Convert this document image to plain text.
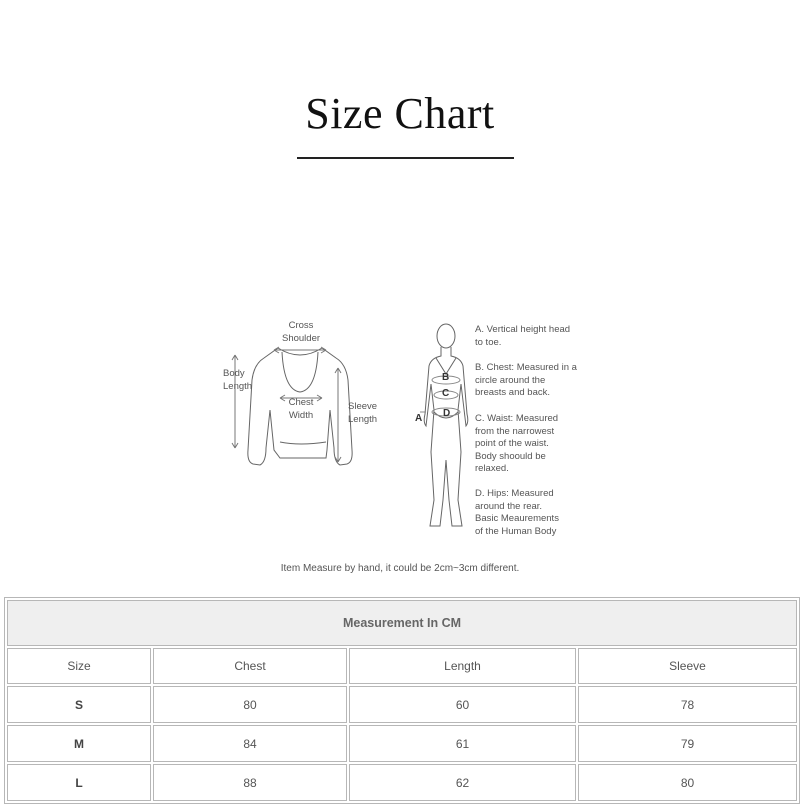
Size Chart
Cross
Shoulder
Body
Length
Chest
Width
Sleeve
Length
B
C
D
A
A. Vertical height head
to toe.
B. Chest: Measured in a
circle around the
breasts and back.
C. Waist: Measured
from the narrowest
point of the waist.
Body shoould be
relaxed.
D. Hips: Measured
around the rear.
Basic Meaurements
of the Human Body
Item Measure by hand, it could be 2cm~3cm different.
Measurement In CM			
Size	Chest	Length	Sleeve
S	80	60	78
M	84	61	79
L	88	62	80
